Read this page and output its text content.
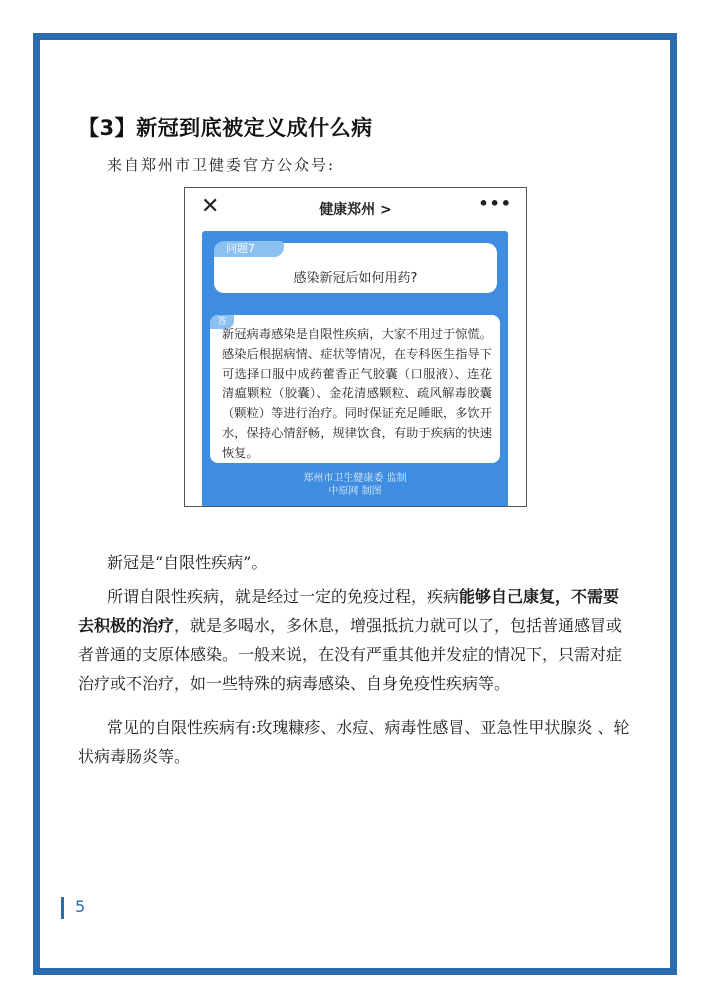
【3】新冠到底被定义成什么病
来自郑州市卫健委官方公众号:
✕	健康郑州 >	•••
问题7
感染新冠后如何用药?
答
新冠病毒感染是自限性疾病，大家不用过于惊慌。感染后根据病情、症状等情况，在专科医生指导下可选择口服中成药藿香正气胶囊（口服液）、连花清瘟颗粒（胶囊）、金花清感颗粒、疏风解毒胶囊（颗粒）等进行治疗。同时保证充足睡眠，多饮开水，保持心情舒畅，规律饮食，有助于疾病的快速恢复。
郑州市卫生健康委 监制
中原网 制图
新冠是“自限性疾病”。
所谓自限性疾病，就是经过一定的免疫过程，疾病能够自己康复，不需要去积极的治疗，就是多喝水，多休息，增强抵抗力就可以了，包括普通感冒或者普通的支原体感染。一般来说，在没有严重其他并发症的情况下，只需对症治疗或不治疗，如一些特殊的病毒感染、自身免疫性疾病等。
常见的自限性疾病有:玫瑰糠疹、水痘、病毒性感冒、亚急性甲状腺炎 、轮状病毒肠炎等。
5
